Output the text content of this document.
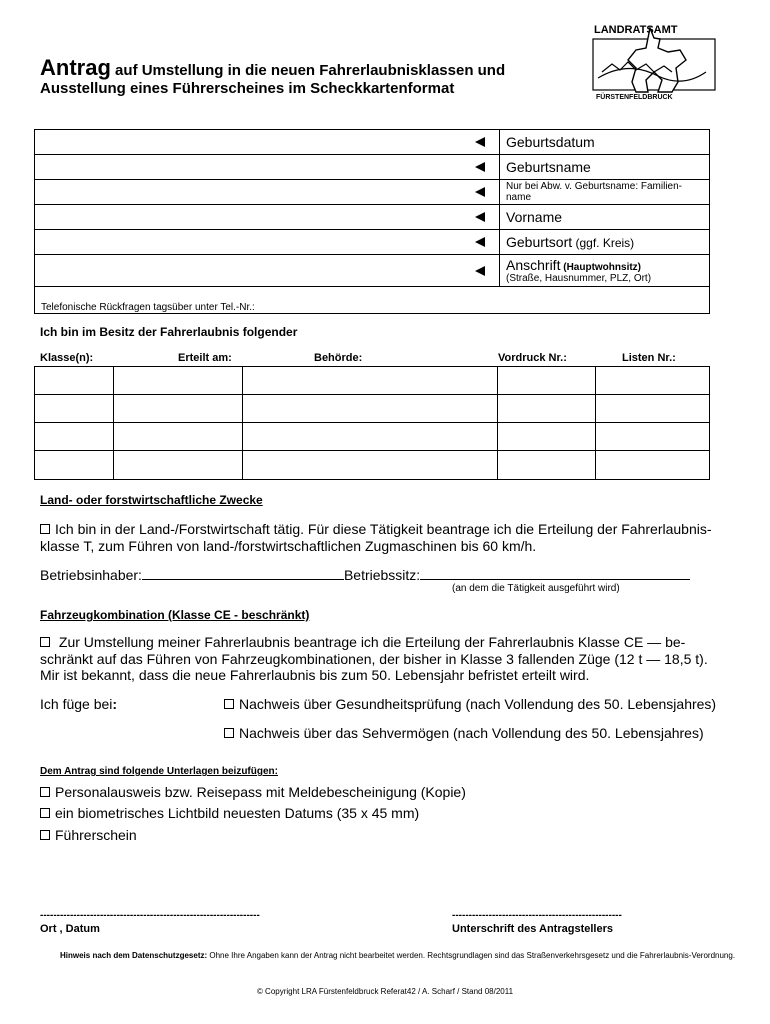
Antrag auf Umstellung in die neuen Fahrerlaubnisklassen und
Ausstellung eines Führerscheines im Scheckkartenformat
LANDRATSAMT
FÜRSTENFELDBRUCK
Geburtsdatum
Geburtsname
Nur bei Abw. v. Geburtsname: Familien-
name
Vorname
Geburtsort (ggf. Kreis)
Anschrift (Hauptwohnsitz)
(Straße, Hausnummer, PLZ, Ort)
Telefonische Rückfragen tagsüber unter Tel.-Nr.:
Ich bin im Besitz der Fahrerlaubnis folgender
Klasse(n):	Erteilt am:	Behörde:	Vordruck Nr.:	Listen Nr.:
Land- oder forstwirtschaftliche Zwecke
Ich bin in der Land-/Forstwirtschaft tätig. Für diese Tätigkeit beantrage ich die Erteilung der Fahrerlaubnis-
klasse T, zum Führen von land-/forstwirtschaftlichen Zugmaschinen bis 60 km/h.
Betriebsinhaber:	Betriebssitz:
(an dem die Tätigkeit ausgeführt wird)
Fahrzeugkombination (Klasse CE - beschränkt)
Zur Umstellung meiner Fahrerlaubnis beantrage ich die Erteilung der Fahrerlaubnis Klasse CE — be-
schränkt auf das Führen von Fahrzeugkombinationen, der bisher in Klasse 3 fallenden Züge (12 t — 18,5 t).
Mir ist bekannt, dass die neue Fahrerlaubnis bis zum 50. Lebensjahr befristet erteilt wird.
Ich füge bei:	Nachweis über Gesundheitsprüfung (nach Vollendung des 50. Lebensjahres)
Nachweis über das Sehvermögen (nach Vollendung des 50. Lebensjahres)
Dem Antrag sind folgende Unterlagen beizufügen:
Personalausweis bzw. Reisepass mit Meldebescheinigung (Kopie)
ein biometrisches Lichtbild neuesten Datums (35 x 45 mm)
Führerschein
------------------------------------------------------------------
Ort , Datum
---------------------------------------------------
Unterschrift des Antragstellers
Hinweis nach dem Datenschutzgesetz: Ohne Ihre Angaben kann der Antrag nicht bearbeitet werden. Rechtsgrundlagen sind das Straßenverkehrsgesetz und die Fahrerlaubnis-Verordnung.
© Copyright LRA Fürstenfeldbruck Referat42 / A. Scharf / Stand 08/2011
